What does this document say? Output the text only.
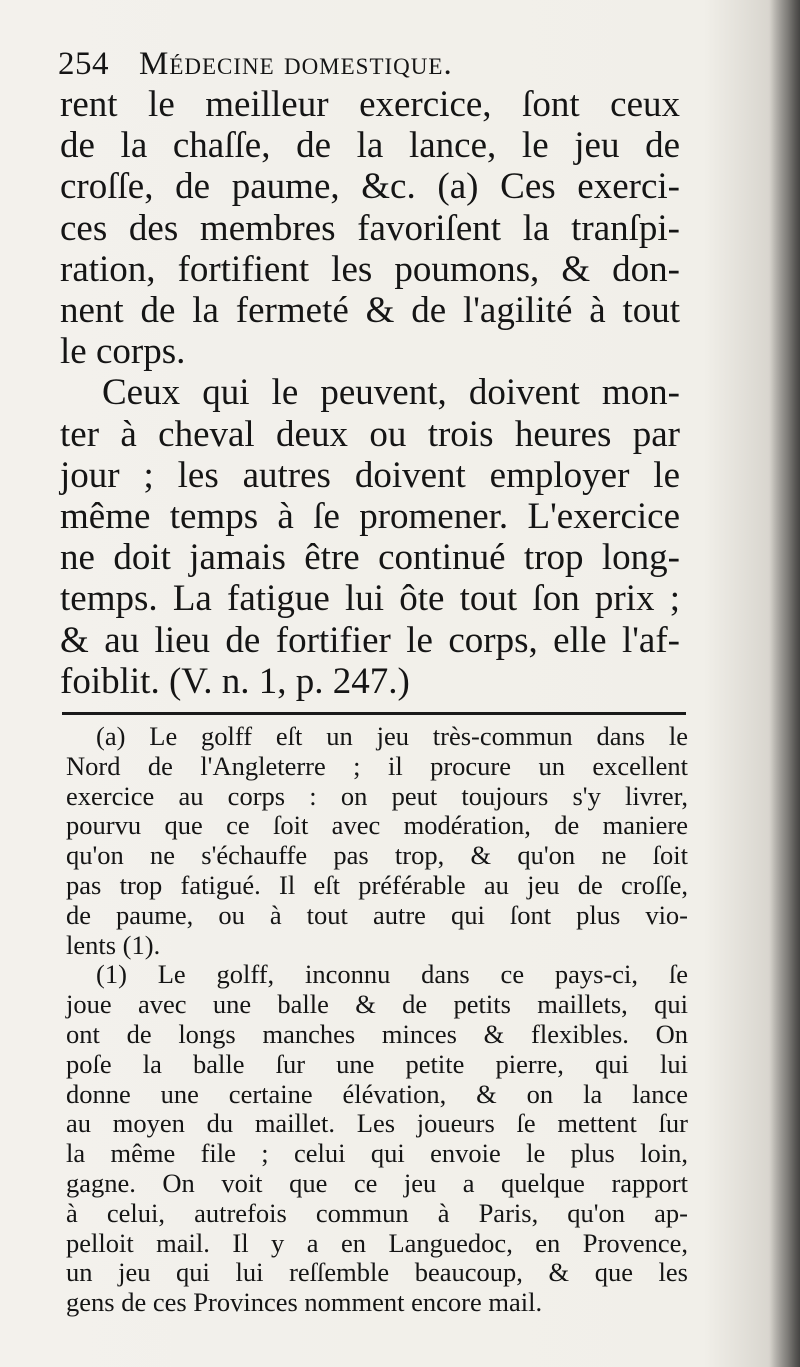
254 Médecine domestique.
rent le meilleur exercice, ſont ceux
de la chaſſe, de la lance, le jeu de
croſſe, de paume, &c. (a) Ces exerci-
ces des membres favoriſent la tranſpi-
ration, fortifient les poumons, & don-
nent de la fermeté & de l'agilité à tout
le corps.
Ceux qui le peuvent, doivent mon-
ter à cheval deux ou trois heures par
jour ; les autres doivent employer le
même temps à ſe promener. L'exercice
ne doit jamais être continué trop long-
temps. La fatigue lui ôte tout ſon prix ;
& au lieu de fortifier le corps, elle l'af-
foiblit. (V. n. 1, p. 247.)
(a) Le golff eſt un jeu très-commun dans le
Nord de l'Angleterre ; il procure un excellent
exercice au corps : on peut toujours s'y livrer,
pourvu que ce ſoit avec modération, de maniere
qu'on ne s'échauffe pas trop, & qu'on ne ſoit
pas trop fatigué. Il eſt préférable au jeu de croſſe,
de paume, ou à tout autre qui ſont plus vio-
lents (1).
(1) Le golff, inconnu dans ce pays-ci, ſe
joue avec une balle & de petits maillets, qui
ont de longs manches minces & flexibles. On
poſe la balle ſur une petite pierre, qui lui
donne une certaine élévation, & on la lance
au moyen du maillet. Les joueurs ſe mettent ſur
la même file ; celui qui envoie le plus loin,
gagne. On voit que ce jeu a quelque rapport
à celui, autrefois commun à Paris, qu'on ap-
pelloit mail. Il y a en Languedoc, en Provence,
un jeu qui lui reſſemble beaucoup, & que les
gens de ces Provinces nomment encore mail.
